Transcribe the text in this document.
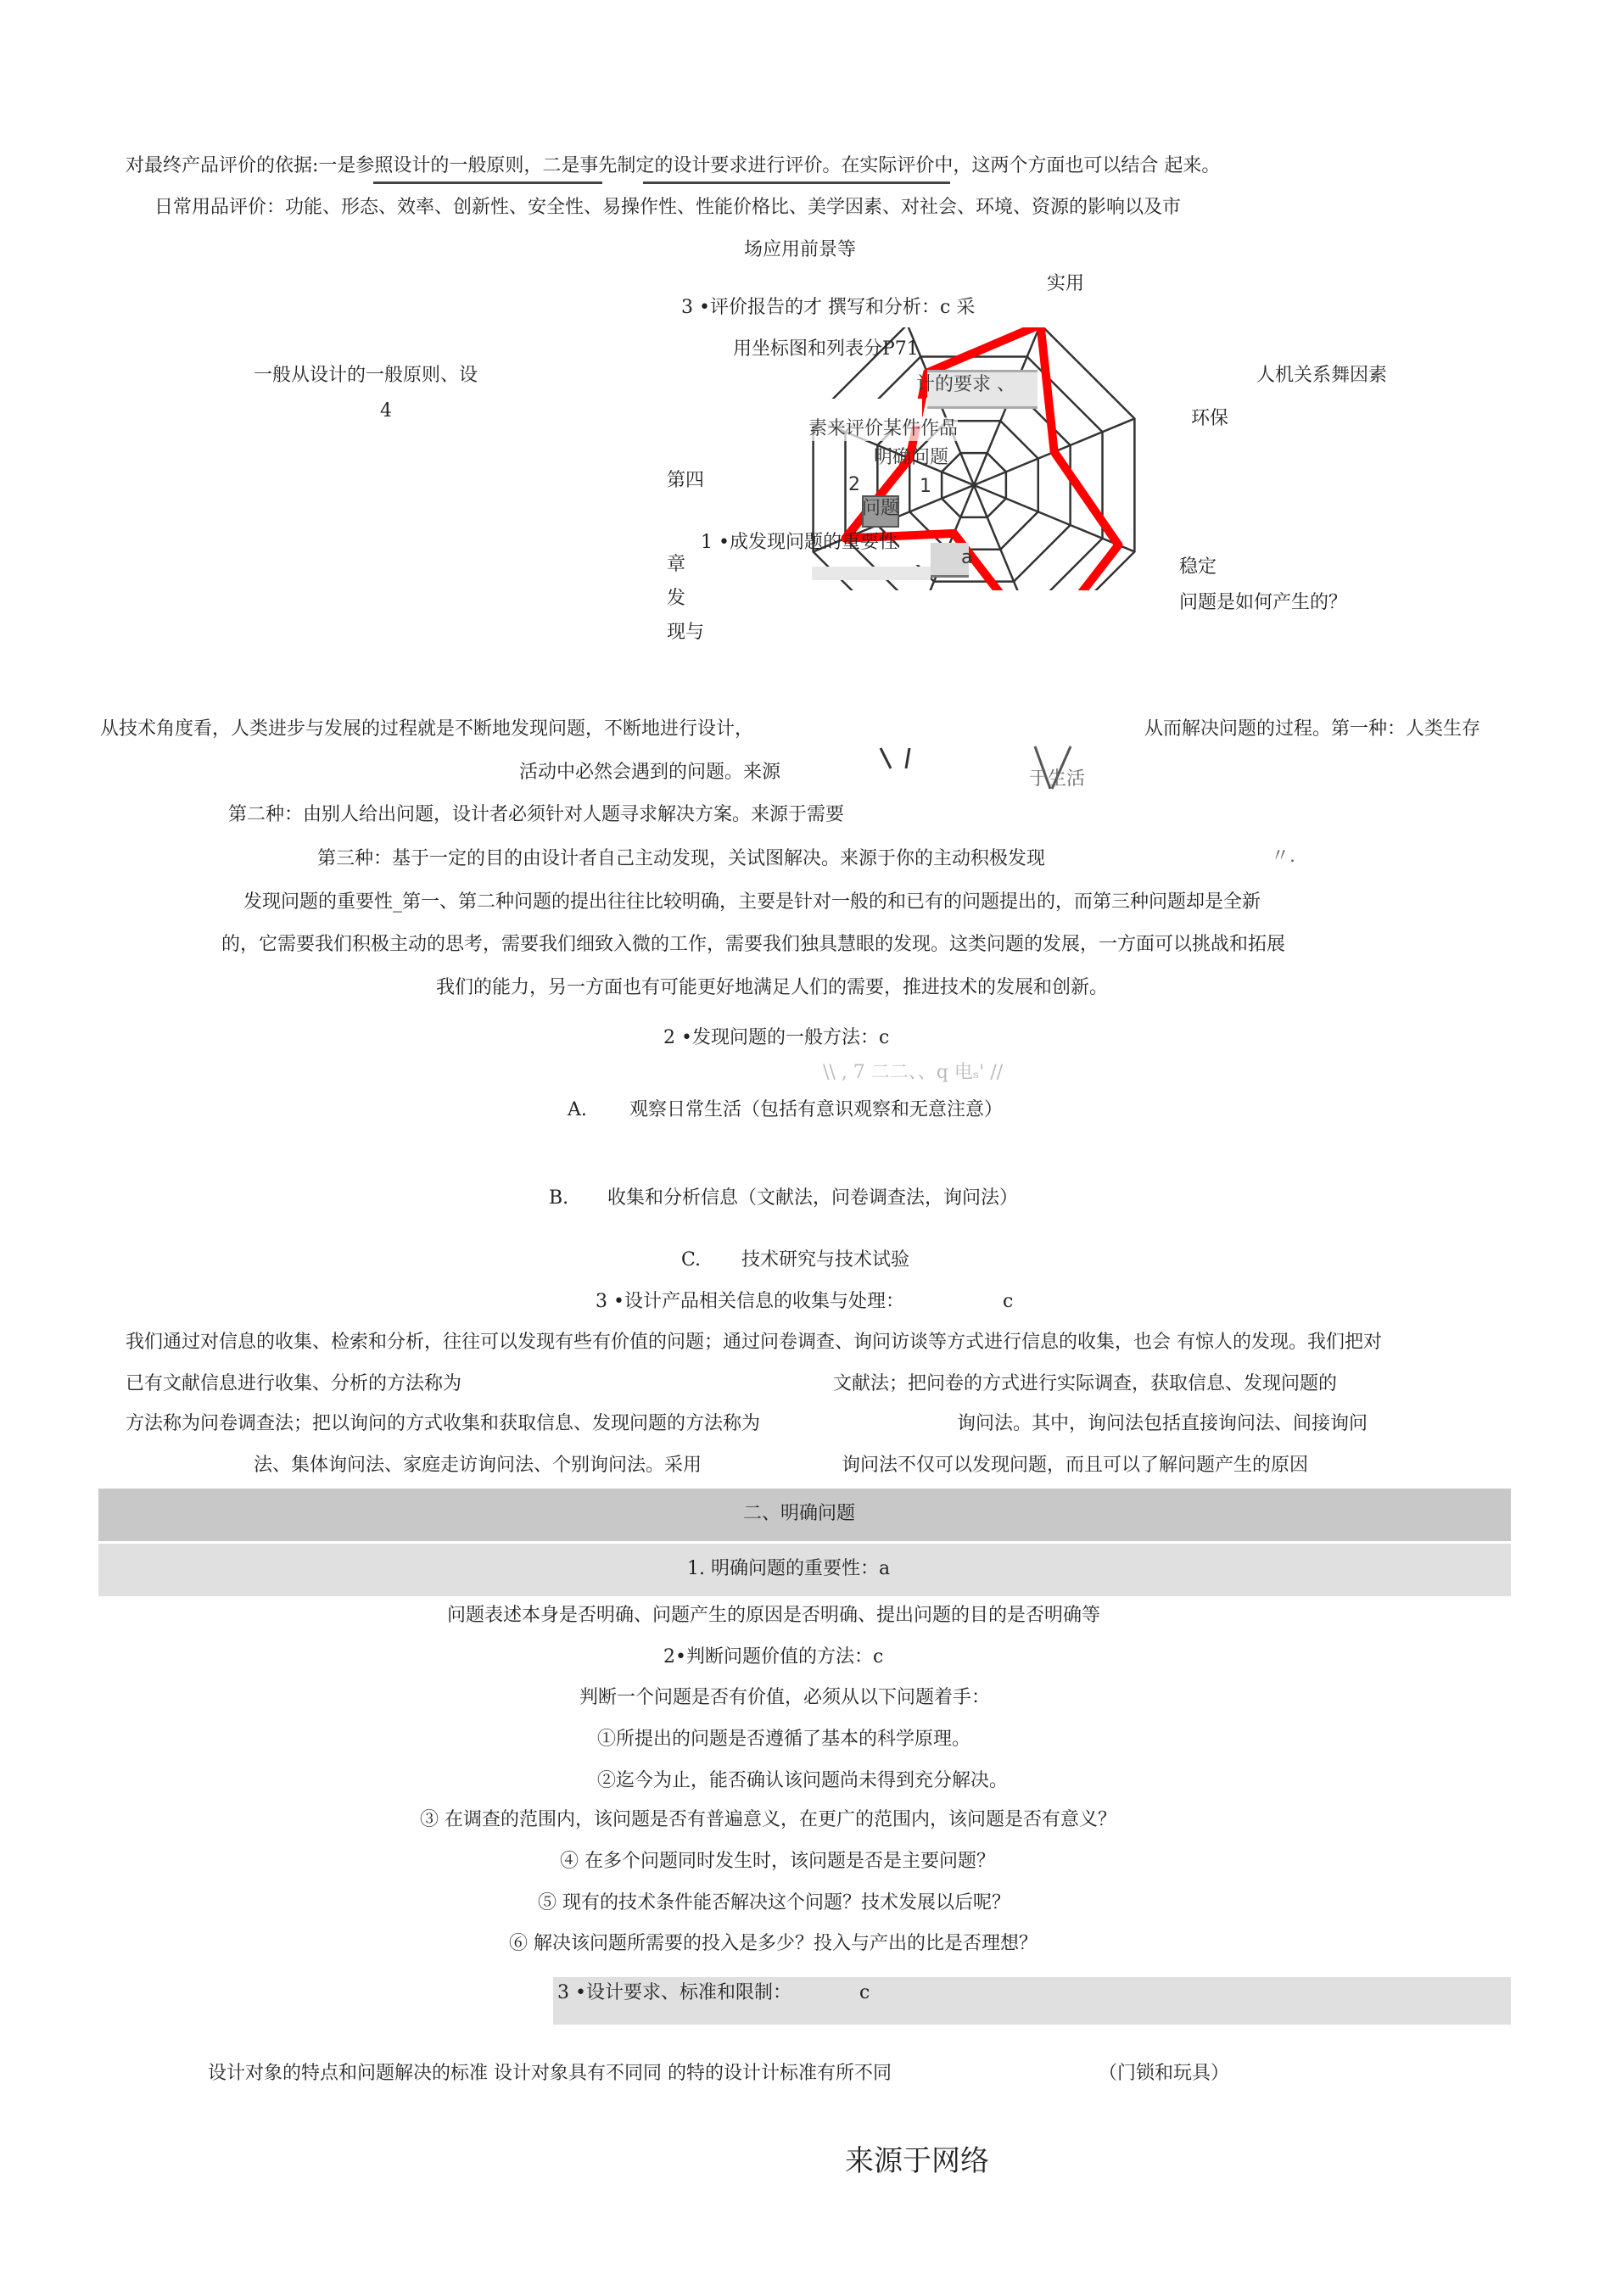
对最终产品评价的依据:一是参照设计的一般原则，二是事先制定的设计要求进行评价。在实际评价中，这两个方面也可以结合 起来。
日常用品评价：功能、形态、效率、创新性、安全性、易操作性、性能价格比、美学因素、对社会、环境、资源的影响以及市
场应用前景等
计的要求 、
素来评价某件作品
明确问题
2	1
问题
a
实用
3 •评价报告的才 撰写和分析：c 采
用坐标图和列表分P71
一般从设计的一般原则、设
4
人机关系舞因素
环保
第四
1 •成发现问题的重要性
章
发
现与
稳定
问题是如何产生的？
从技术角度看，人类进步与发展的过程就是不断地发现问题，不断地进行设计，	从而解决问题的过程。第一种：人类生存
活动中必然会遇到的问题。来源	于生活
第二种：由别人给出问题，设计者必须针对人题寻求解决方案。来源于需要
第三种：基于一定的目的由设计者自己主动发现，关试图解决。来源于你的主动积极发现	〃.
发现问题的重要性_第一、第二种问题的提出往往比较明确，主要是针对一般的和已有的问题提出的，而第三种问题却是全新
的，它需要我们积极主动的思考，需要我们细致入微的工作，需要我们独具慧眼的发现。这类问题的发展，一方面可以挑战和拓展
我们的能力，另一方面也有可能更好地满足人们的需要，推进技术的发展和创新。
2 •发现问题的一般方法：c
\\ , 7 二二、、q 电ₛ' //
A. 观察日常生活（包括有意识观察和无意注意）
B. 收集和分析信息（文献法，问卷调查法，询问法）
C. 技术研究与技术试验
3 •设计产品相关信息的收集与处理：	c
我们通过对信息的收集、检索和分析，往往可以发现有些有价值的问题；通过问卷调查、询问访谈等方式进行信息的收集，也会 有惊人的发现。我们把对
已有文献信息进行收集、分析的方法称为	文献法；把问卷的方式进行实际调查，获取信息、发现问题的
方法称为问卷调查法；把以询问的方式收集和获取信息、发现问题的方法称为	询问法。其中，询问法包括直接询问法、间接询问
法、集体询问法、家庭走访询问法、个别询问法。采用	询问法不仅可以发现问题，而且可以了解问题产生的原因
二、明确问题
1. 明确问题的重要性：a
问题表述本身是否明确、问题产生的原因是否明确、提出问题的目的是否明确等
2•判断问题价值的方法：c
判断一个问题是否有价值，必须从以下问题着手：
①所提出的问题是否遵循了基本的科学原理。
②迄今为止，能否确认该问题尚未得到充分解决。
③ 在调查的范围内，该问题是否有普遍意义，在更广的范围内，该问题是否有意义？
④ 在多个问题同时发生时，该问题是否是主要问题？
⑤ 现有的技术条件能否解决这个问题？技术发展以后呢？
⑥ 解决该问题所需要的投入是多少？投入与产出的比是否理想？
3 •设计要求、标准和限制：	c
设计对象的特点和问题解决的标准 设计对象具有不同同 的特的设计计标准有所不同	（门锁和玩具）
来源于网络
